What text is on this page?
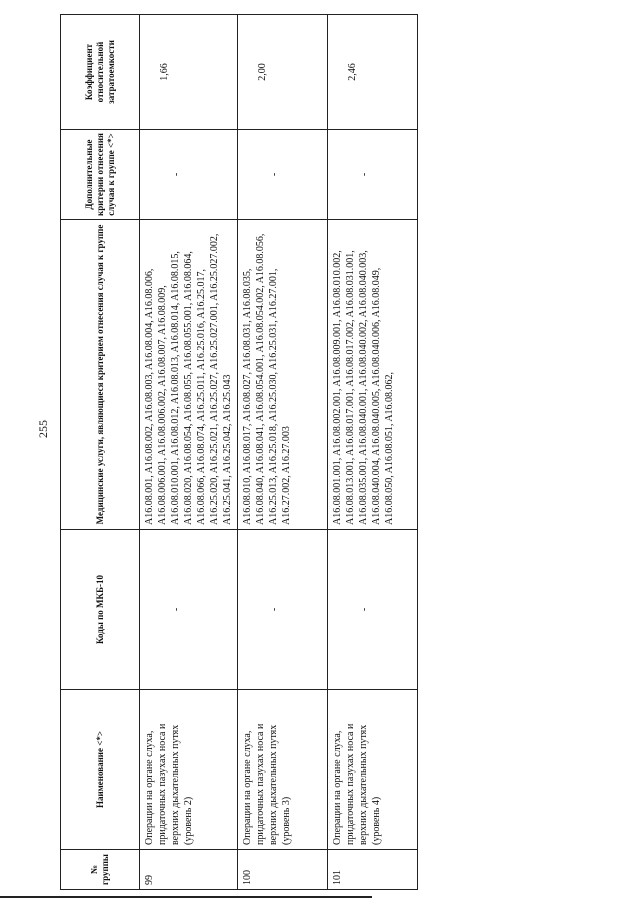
255
№ группы	Наименование <*>	Коды по МКБ-10	Медицинские услуги, являющиеся критерием отнесения случая к группе	Дополнительные критерии отнесения случая к группе <*>	Коэффициент относительной затратоемкости
99	Операции на органе слуха, придаточных пазухах носа и верхних дыхательных путях (уровень 2)	-	A16.08.001, A16.08.002, A16.08.003, A16.08.004, A16.08.006, A16.08.006.001, A16.08.006.002, A16.08.007, A16.08.009, A16.08.010.001, A16.08.012, A16.08.013, A16.08.014, A16.08.015, A16.08.020, A16.08.054, A16.08.055, A16.08.055.001, A16.08.064, A16.08.066, A16.08.074, A16.25.011, A16.25.016, A16.25.017, A16.25.020, A16.25.021, A16.25.027, A16.25.027.001, A16.25.027.002, A16.25.041, A16.25.042, A16.25.043	-	1,66
100	Операции на органе слуха, придаточных пазухах носа и верхних дыхательных путях (уровень 3)	-	A16.08.010, A16.08.017, A16.08.027, A16.08.031, A16.08.035, A16.08.040, A16.08.041, A16.08.054.001, A16.08.054.002, A16.08.056, A16.25.013, A16.25.018, A16.25.030, A16.25.031, A16.27.001, A16.27.002, A16.27.003	-	2,00
101	Операции на органе слуха, придаточных пазухах носа и верхних дыхательных путях (уровень 4)	-	A16.08.001.001, A16.08.002.001, A16.08.009.001, A16.08.010.002, A16.08.013.001, A16.08.017.001, A16.08.017.002, A16.08.031.001, A16.08.035.001, A16.08.040.001, A16.08.040.002, A16.08.040.003, A16.08.040.004, A16.08.040.005, A16.08.040.006, A16.08.049, A16.08.050, A16.08.051, A16.08.062,	-	2,46
